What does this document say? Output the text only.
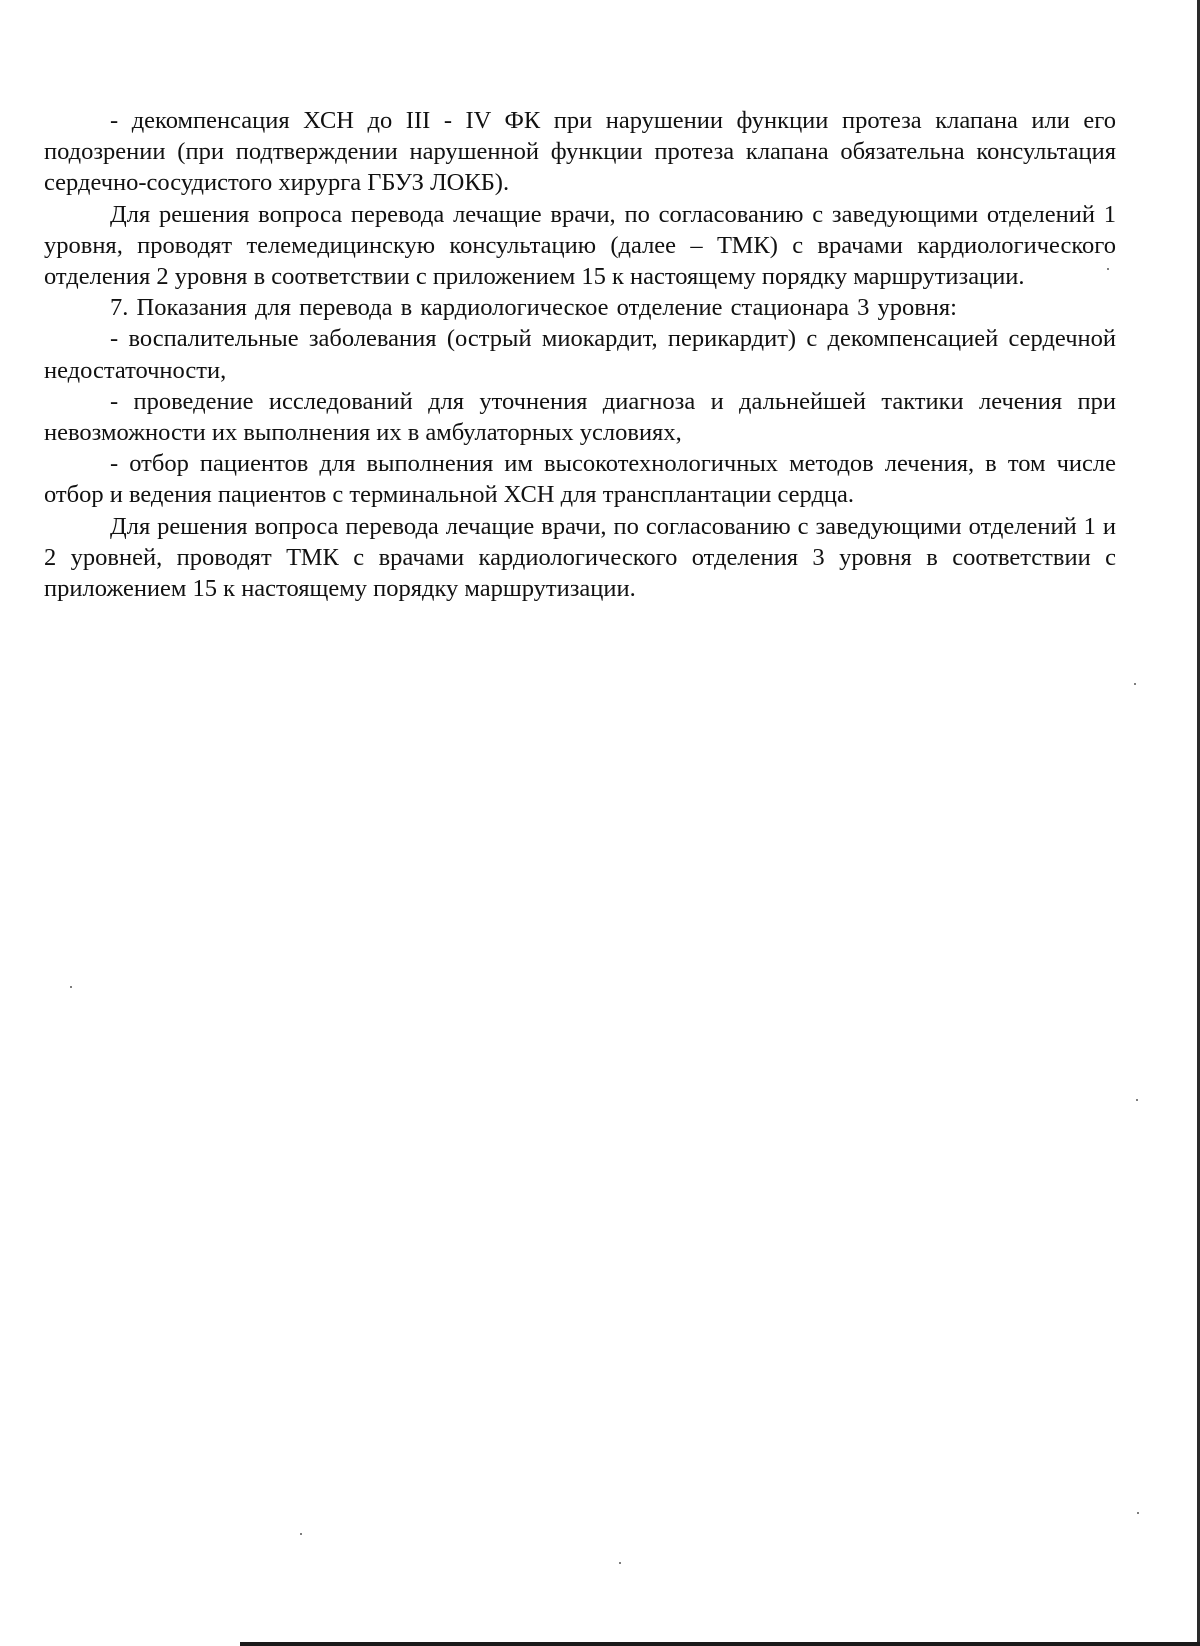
- декомпенсация ХСН до III - IV ФК при нарушении функции протеза клапана или его подозрении (при подтверждении нарушенной функции протеза клапана обязательна консультация сердечно-сосудистого хирурга ГБУЗ ЛОКБ).

Для решения вопроса перевода лечащие врачи, по согласованию с заведующими отделений 1 уровня, проводят телемедицинскую консультацию (далее – ТМК) с врачами кардиологического отделения 2 уровня в соответствии с приложением 15 к настоящему порядку маршрутизации.

7. Показания для перевода в кардиологическое отделение стационара 3 уровня:

- воспалительные заболевания (острый миокардит, перикардит) с декомпенсацией сердечной недостаточности,

- проведение исследований для уточнения диагноза и дальнейшей тактики лечения при невозможности их выполнения их в амбулаторных условиях,

- отбор пациентов для выполнения им высокотехнологичных методов лечения, в том числе отбор и ведения пациентов с терминальной ХСН для трансплантации сердца.

Для решения вопроса перевода лечащие врачи, по согласованию с заведующими отделений 1 и 2 уровней, проводят ТМК с врачами кардиологического отделения 3 уровня в соответствии с приложением 15 к настоящему порядку маршрутизации.
